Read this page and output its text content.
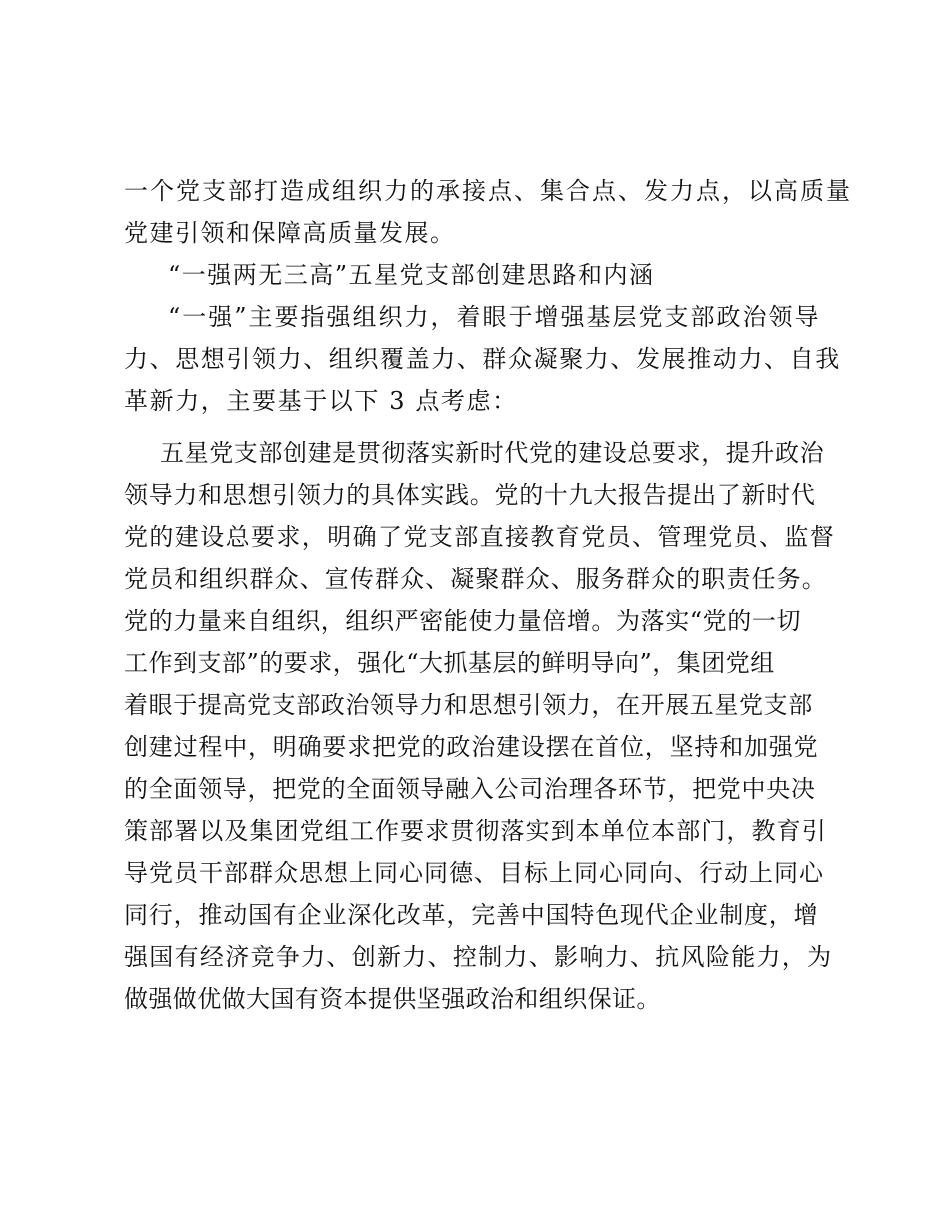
一个党支部打造成组织力的承接点、集合点、发力点，以高质量

党建引领和保障高质量发展。

“一强两无三高”五星党支部创建思路和内涵

“一强”主要指强组织力，着眼于增强基层党支部政治领导

力、思想引领力、组织覆盖力、群众凝聚力、发展推动力、自我

革新力，主要基于以下 3 点考虑：

五星党支部创建是贯彻落实新时代党的建设总要求，提升政治

领导力和思想引领力的具体实践。党的十九大报告提出了新时代

党的建设总要求，明确了党支部直接教育党员、管理党员、监督

党员和组织群众、宣传群众、凝聚群众、服务群众的职责任务。

党的力量来自组织，组织严密能使力量倍增。为落实“党的一切

工作到支部”的要求，强化“大抓基层的鲜明导向”，集团党组

着眼于提高党支部政治领导力和思想引领力，在开展五星党支部

创建过程中，明确要求把党的政治建设摆在首位，坚持和加强党

的全面领导，把党的全面领导融入公司治理各环节，把党中央决

策部署以及集团党组工作要求贯彻落实到本单位本部门，教育引

导党员干部群众思想上同心同德、目标上同心同向、行动上同心

同行，推动国有企业深化改革，完善中国特色现代企业制度，增

强国有经济竞争力、创新力、控制力、影响力、抗风险能力，为

做强做优做大国有资本提供坚强政治和组织保证。
